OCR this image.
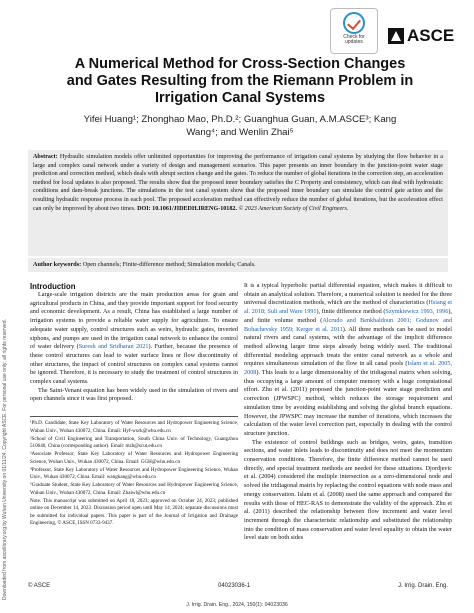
Downloaded from ascelibrary.org by Wuhan University on 01/11/24. Copyright ASCE. For personal use only; all rights reserved.
Check for
updates	ASCE
A Numerical Method for Cross-Section Changes and Gates Resulting from the Riemann Problem in Irrigation Canal Systems
Yifei Huang¹; Zhonghao Mao, Ph.D.²; Guanghua Guan, A.M.ASCE³; Kang Wang⁴; and Wenlin Zhai⁵
Abstract: Hydraulic simulation models offer unlimited opportunities for improving the performance of irrigation canal systems by studying the flow behavior in a large and complex canal network under a variety of design and management scenarios. This paper presents an inner boundary in the junction-point water stage prediction and correction method, which deals with abrupt section change and the gates. To reduce the number of global iterations in the correction step, an acceleration method for local updates is also proposed. The results show that the proposed inner boundary satisfies the C Property and consistency, which can deal with hydrostatic conditions and dam-break junctions. The simulations in the test canal system show that the proposed inner boundary can simulate the control gate action and the resulting hydraulic response process in each pool. The proposed acceleration method can effectively reduce the number of global iterations, but the acceleration effect can only be improved by about two times. DOI: 10.1061/JIDEDH.IRENG-10182. © 2023 American Society of Civil Engineers.
Author keywords: Open channels; Finite-difference method; Simulation models; Canals.

Introduction

Large-scale irrigation districts are the main production areas for grain and agricultural products in China, and they provide important support for food security and economic development. As a result, China has established a large number of irrigation systems to provide a reliable water supply for agriculture. To ensure adequate water supply, control structures such as weirs, hydraulic gates, inverted siphons, and pumps are used in the irrigation canal network to enhance the control of water delivery (Suresh and Sridharan 2021). Further, because the presence of these control structures can lead to water surface lines or flow discontinuity of other structures, the impact of control structures on complex canal systems cannot be ignored. Therefore, it is necessary to study the treatment of control structures in complex canal systems.

The Saint-Venant equation has been widely used in the simulation of rivers and open channels since it was first proposed.

¹Ph.D. Candidate, State Key Laboratory of Water Resources and Hydropower Engineering Science, Wuhan Univ., Wuhan 430072, China. Email: Hyf-work@whu.edu.cn

²School of Civil Engineering and Transportation, South China Univ. of Technology, Guangzhou 510640, China (corresponding author). Email: mzh@scut.edu.cn

³Associate Professor, State Key Laboratory of Water Resources and Hydropower Engineering Science, Wuhan Univ., Wuhan 430072, China. Email: GGH@whu.edu.cn

⁴Professor, State Key Laboratory of Water Resources and Hydropower Engineering Science, Wuhan Univ., Wuhan 430072, China. Email: wangkang@whu.edu.cn

⁵Graduate Student, State Key Laboratory of Water Resources and Hydropower Engineering Science, Wuhan Univ., Wuhan 430072, China. Email: Zhaiwl@whu.edu.cn

Note. This manuscript was submitted on April 18, 2023; approved on October 24, 2023; published online on December 14, 2023. Discussion period open until May 14, 2024; separate discussions must be submitted for individual papers. This paper is part of the Journal of Irrigation and Drainage Engineering, © ASCE, ISSN 0733-9437.

It is a typical hyperbolic partial differential equation, which makes it difficult to obtain an analytical solution. Therefore, a numerical solution is needed for the three universal discretization methods, which are the method of characteristics (Hsiang et al. 2018; Suli and Ware 1991), finite difference method (Szymkiewicz 1993, 1996), and finite volume method (Alcrudo and Benkhaldoun 2001; Godunov and Bohachevsky 1959; Kerger et al. 2011). All three methods can be used to model natural rivers and canal systems, with the advantage of the implicit difference method allowing larger time steps already being widely used. The traditional differential modeling approach treats the entire canal network as a whole and requires simultaneous simulation of the flow in all canal pools (Islam et al. 2005, 2008). This leads to a large dimensionality of the tridiagonal matrix when solving, thus occupying a large amount of computer memory with a huge computational effort. Zhu et al. (2011) proposed the junction-point water stage prediction and correction (JPWSPC) method, which reduces the storage requirement and simulation time by avoiding establishing and solving the global branch equations. However, the JPWSPC may increase the number of iterations, which increases the calculation of the water level correction part, especially in dealing with the control structure junction.

The existence of control buildings such as bridges, weirs, gates, transition sections, and water inlets leads to discontinuity and does not meet the momentum conservation conditions. Therefore, the finite difference method cannot be used directly, and special treatment methods are needed for these situations. Djordjevic et al. (2004) considered the multiple intersection as a zero-dimensional node and solved the tridiagonal matrix by replacing the control equations with node mass and energy conservation. Islam et al. (2008) used the same approach and compared the results with those of HEC-RAS to demonstrate the validity of the approach. Zhu et al. (2011) described the relationship between flow increment and water level increment through the characteristic relationship and substituted the relationship into the condition of mass conservation and water level equality to obtain the water level state on both sides

© ASCE	04023036-1	J. Irrig. Drain. Eng.
J. Irrig. Drain. Eng., 2024, 150(1): 04023036
